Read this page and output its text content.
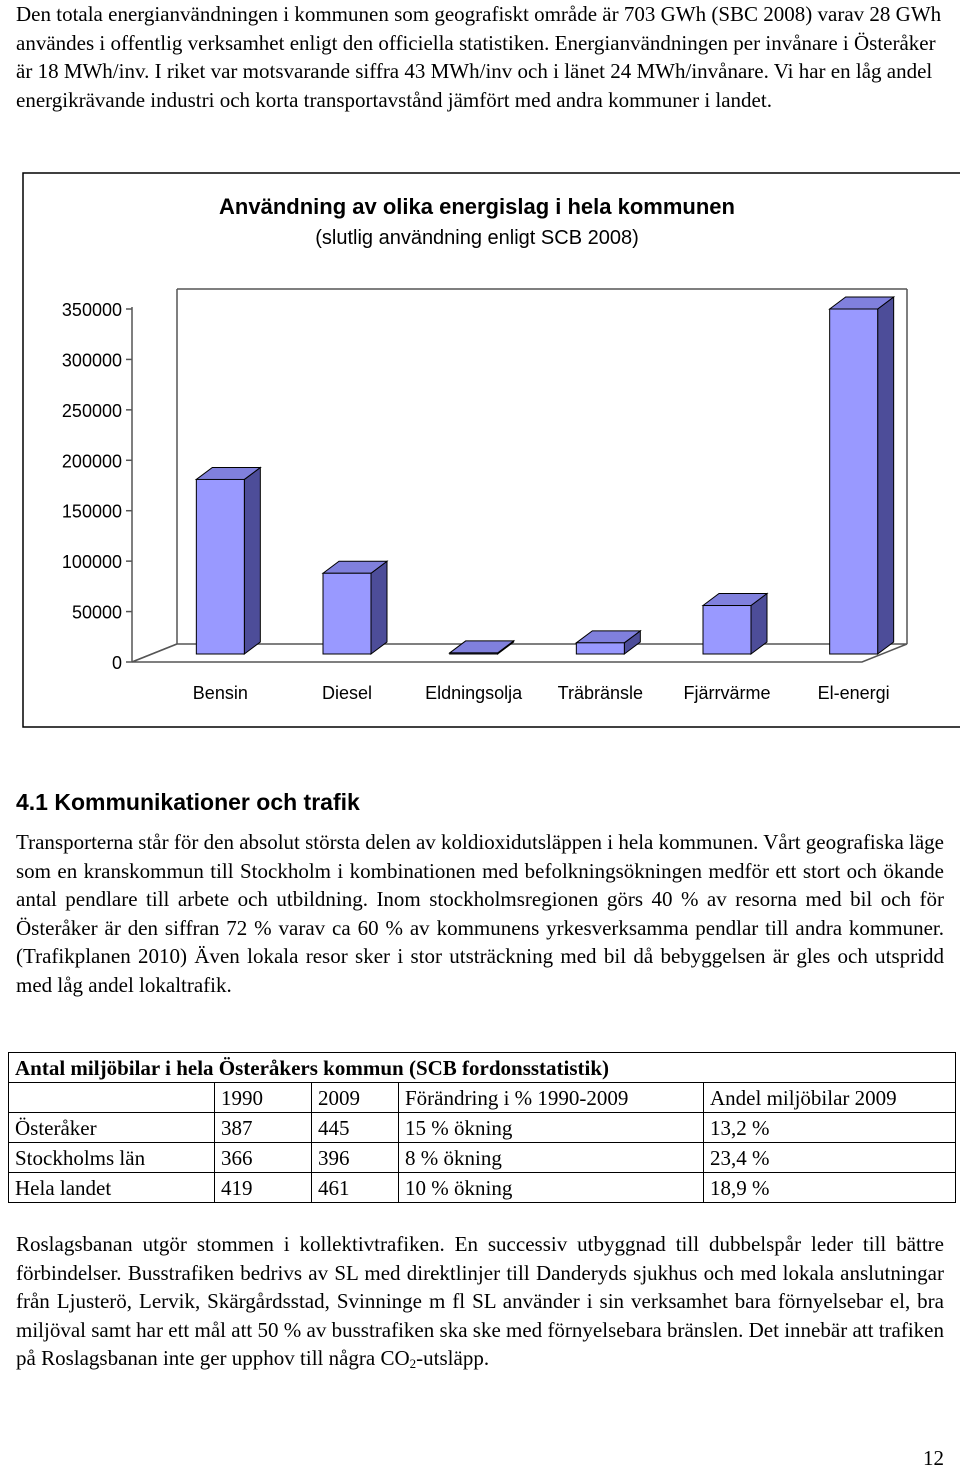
Den totala energianvändningen i kommunen som geografiskt område är 703 GWh (SBC 2008) varav 28 GWh användes i offentlig verksamhet enligt den officiella statistiken. Energianvändningen per invånare i Österåker är 18 MWh/inv. I riket var motsvarande siffra 43 MWh/inv och i länet 24 MWh/invånare. Vi har en låg andel energikrävande industri och korta transportavstånd jämfört med andra kommuner i landet.

Användning av olika energislag i hela kommunen
(slutlig användning enligt SCB 2008)
0
50000
100000
150000
200000
250000
300000
350000
Bensin	Diesel	Eldningsolja Träbränsle Fjärrvärme	El-energi
4.1 Kommunikationer och trafik

Transporterna står för den absolut största delen av koldioxidutsläppen i hela kommunen. Vårt geografiska läge som en kranskommun till Stockholm i kombinationen med befolkningsökningen medför ett stort och ökande antal pendlare till arbete och utbildning. Inom stockholmsregionen görs 40 % av resorna med bil och för Österåker är den siffran 72 % varav ca 60 % av kommunens yrkesverksamma pendlar till andra kommuner. (Trafikplanen 2010) Även lokala resor sker i stor utsträckning med bil då bebyggelsen är gles och utspridd med låg andel lokaltrafik.

Antal miljöbilar i hela Österåkers kommun (SCB fordonsstatistik)				
	1990	2009	Förändring i % 1990-2009	Andel miljöbilar 2009
Österåker	387	445	15 % ökning	13,2 %
Stockholms län	366	396	8 % ökning	23,4 %
Hela landet	419	461	10 % ökning	18,9 %

Roslagsbanan utgör stommen i kollektivtrafiken. En successiv utbyggnad till dubbelspår leder till bättre förbindelser. Busstrafiken bedrivs av SL med direktlinjer till Danderyds sjukhus och med lokala anslutningar från Ljusterö, Lervik, Skärgårdsstad, Svinninge m fl SL använder i sin verksamhet bara förnyelsebar el, bra miljöval samt har ett mål att 50 % av busstrafiken ska ske med förnyelsebara bränslen. Det innebär att trafiken på Roslagsbanan inte ger upphov till några $CO_2$-utsläpp.

12
